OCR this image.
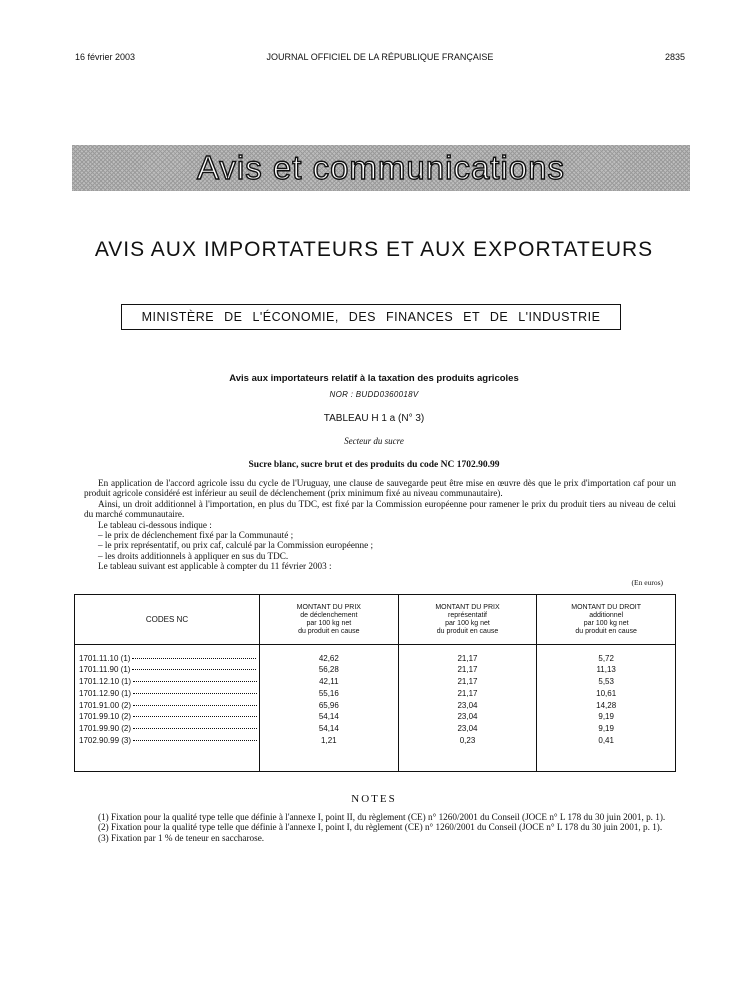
JOURNAL OFFICIEL DE LA RÉPUBLIQUE FRANÇAISE
16 février 2003	2835
Avis et communications
AVIS AUX IMPORTATEURS ET AUX EXPORTATEURS
MINISTÈRE DE L'ÉCONOMIE, DES FINANCES ET DE L'INDUSTRIE
Avis aux importateurs relatif à la taxation des produits agricoles
NOR : BUDD0360018V
TABLEAU H 1 a (N° 3)
Secteur du sucre
Sucre blanc, sucre brut et des produits du code NC 1702.90.99

En application de l'accord agricole issu du cycle de l'Uruguay, une clause de sauvegarde peut être mise en œuvre dès que le prix d'importation caf pour un produit agricole considéré est inférieur au seuil de déclenchement (prix minimum fixé au niveau communautaire).

Ainsi, un droit additionnel à l'importation, en plus du TDC, est fixé par la Commission européenne pour ramener le prix du produit tiers au niveau de celui du marché communautaire.

Le tableau ci-dessous indique :

– le prix de déclenchement fixé par la Communauté ;

– le prix représentatif, ou prix caf, calculé par la Commission européenne ;

– les droits additionnels à appliquer en sus du TDC.

Le tableau suivant est applicable à compter du 11 février 2003 :

(En euros)
CODES NC	MONTANT DU PRIX
de déclenchement
par 100 kg net
du produit en cause	MONTANT DU PRIX
représentatif
par 100 kg net
du produit en cause	MONTANT DU DROIT
additionnel
par 100 kg net
du produit en cause

1701.11.10 (1)	42,62	21,17	5,72
1701.11.90 (1)	56,28	21,17	11,13
1701.12.10 (1)	42,11	21,17	5,53
1701.12.90 (1)	55,16	21,17	10,61
1701.91.00 (2)	65,96	23,04	14,28
1701.99.10 (2)	54,14	23,04	9,19
1701.99.90 (2)	54,14	23,04	9,19
1702.90.99 (3)	1,21	0,23	0,41

NOTES

(1) Fixation pour la qualité type telle que définie à l'annexe I, point II, du règlement (CE) n° 1260/2001 du Conseil (JOCE n° L 178 du 30 juin 2001, p. 1).

(2) Fixation pour la qualité type telle que définie à l'annexe I, point I, du règlement (CE) n° 1260/2001 du Conseil (JOCE n° L 178 du 30 juin 2001, p. 1).

(3) Fixation par 1 % de teneur en saccharose.
